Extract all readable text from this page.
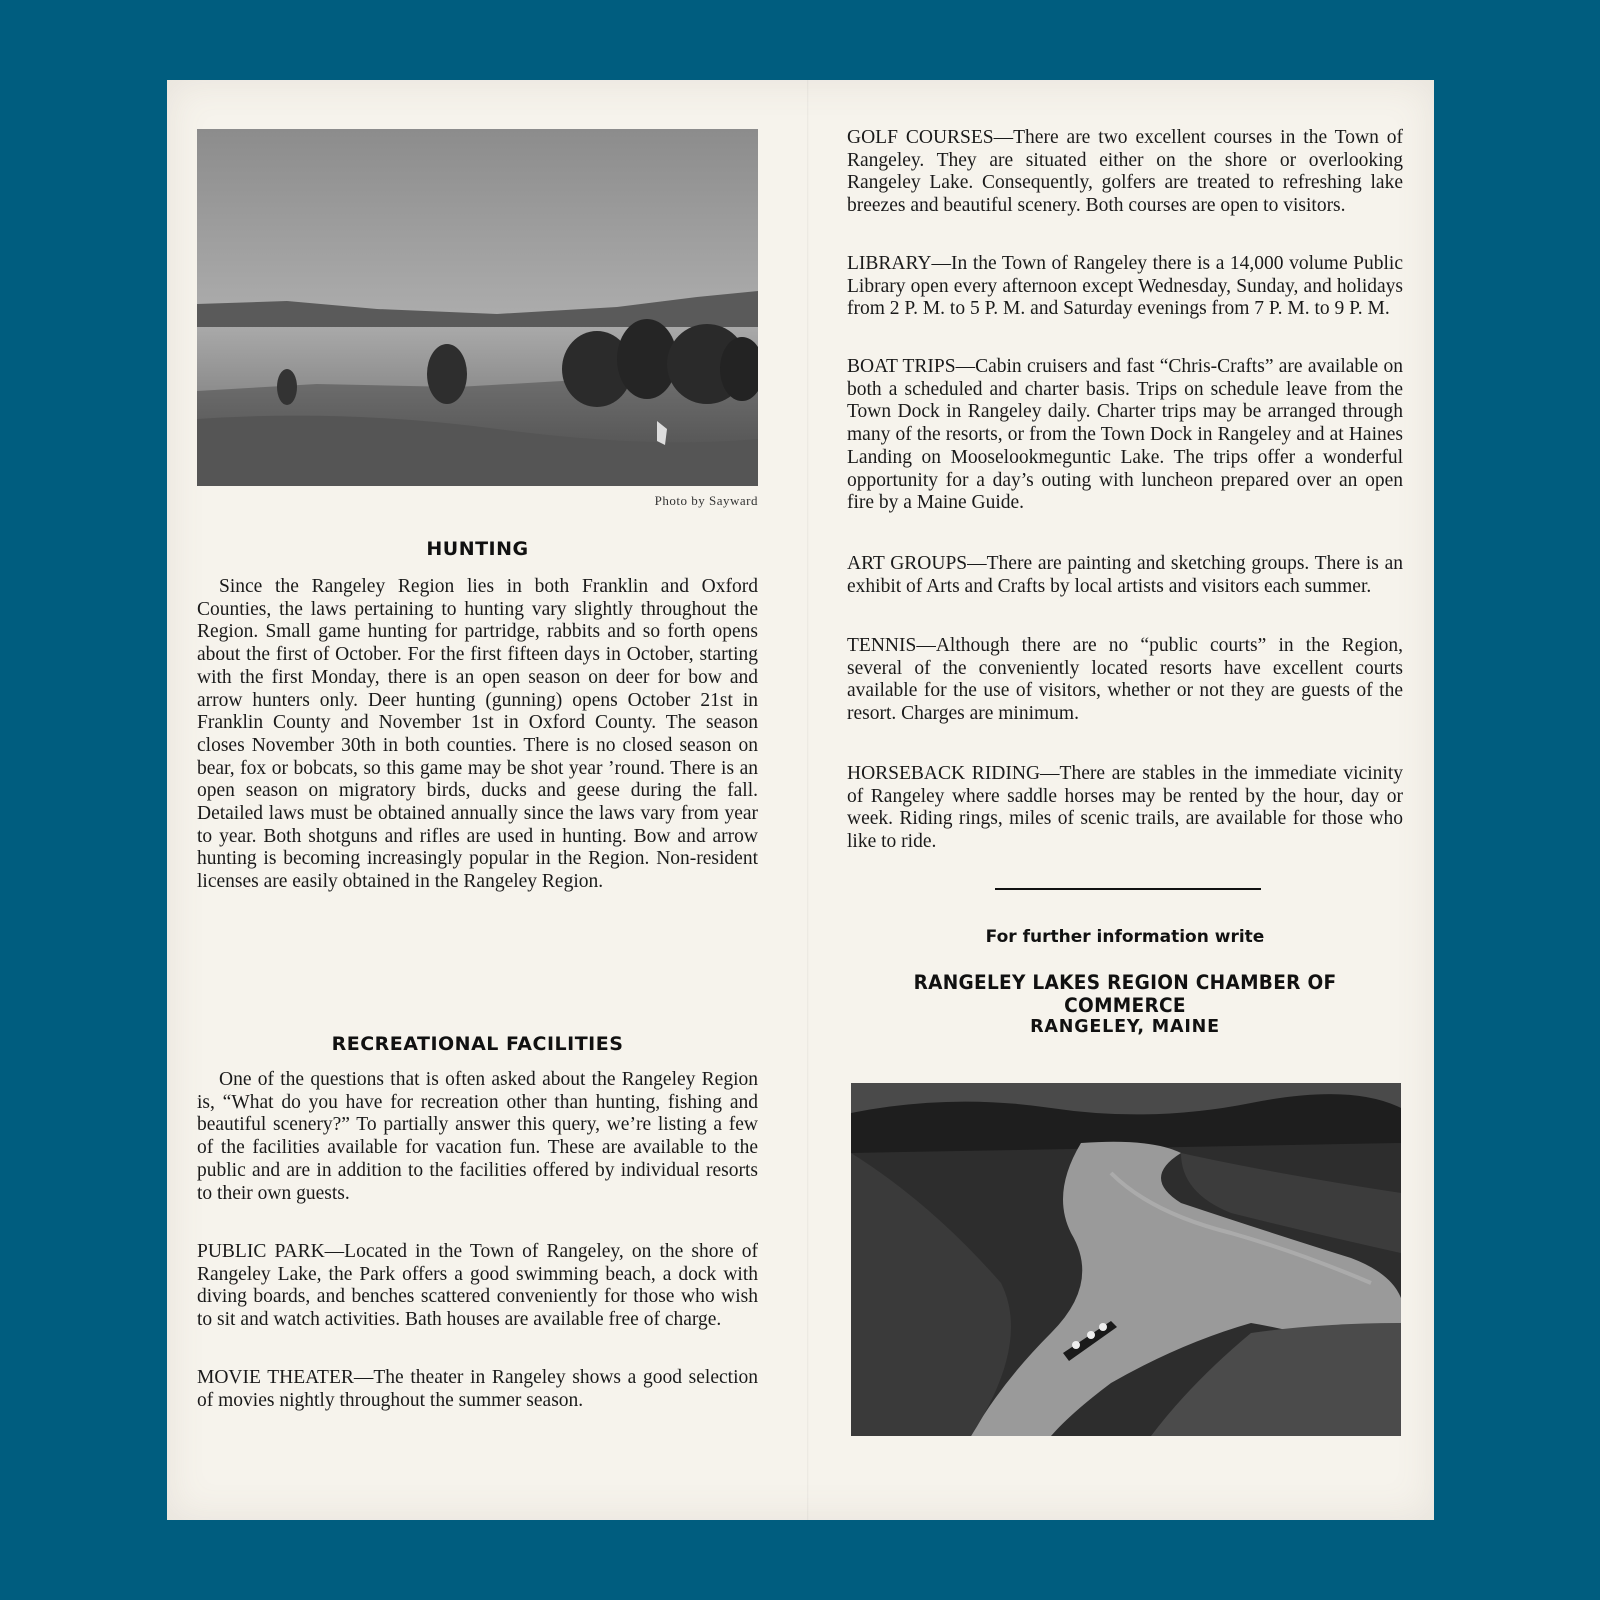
Photo by Sayward
HUNTING
Since the Rangeley Region lies in both Franklin and Oxford Counties, the laws pertaining to hunting vary slightly throughout the Region. Small game hunting for partridge, rabbits and so forth opens about the first of October. For the first fifteen days in October, starting with the first Monday, there is an open season on deer for bow and arrow hunters only. Deer hunting (gunning) opens October 21st in Franklin County and November 1st in Oxford County. The season closes November 30th in both counties. There is no closed season on bear, fox or bobcats, so this game may be shot year ’round. There is an open season on migratory birds, ducks and geese during the fall. Detailed laws must be obtained annually since the laws vary from year to year. Both shotguns and rifles are used in hunting. Bow and arrow hunting is becoming increasingly popular in the Region. Non-resident licenses are easily obtained in the Rangeley Region.
RECREATIONAL FACILITIES
One of the questions that is often asked about the Rangeley Region is, “What do you have for recreation other than hunting, fishing and beautiful scenery?” To partially answer this query, we’re listing a few of the facilities available for vacation fun. These are available to the public and are in addition to the facilities offered by individual resorts to their own guests.
PUBLIC PARK—Located in the Town of Rangeley, on the shore of Rangeley Lake, the Park offers a good swimming beach, a dock with diving boards, and benches scattered conveniently for those who wish to sit and watch activities. Bath houses are available free of charge.
MOVIE THEATER—The theater in Rangeley shows a good selection of movies nightly throughout the summer season.
GOLF COURSES—There are two excellent courses in the Town of Rangeley. They are situated either on the shore or overlooking Rangeley Lake. Consequently, golfers are treated to refreshing lake breezes and beautiful scenery. Both courses are open to visitors.
LIBRARY—In the Town of Rangeley there is a 14,000 volume Public Library open every afternoon except Wednesday, Sunday, and holidays from 2 P. M. to 5 P. M. and Saturday evenings from 7 P. M. to 9 P. M.
BOAT TRIPS—Cabin cruisers and fast “Chris-Crafts” are available on both a scheduled and charter basis. Trips on schedule leave from the Town Dock in Rangeley daily. Charter trips may be arranged through many of the resorts, or from the Town Dock in Rangeley and at Haines Landing on Mooselookmeguntic Lake. The trips offer a wonderful opportunity for a day’s outing with luncheon prepared over an open fire by a Maine Guide.
ART GROUPS—There are painting and sketching groups. There is an exhibit of Arts and Crafts by local artists and visitors each summer.
TENNIS—Although there are no “public courts” in the Region, several of the conveniently located resorts have excellent courts available for the use of visitors, whether or not they are guests of the resort. Charges are minimum.
HORSEBACK RIDING—There are stables in the immediate vicinity of Rangeley where saddle horses may be rented by the hour, day or week. Riding rings, miles of scenic trails, are available for those who like to ride.
For further information write
RANGELEY LAKES REGION CHAMBER OF COMMERCE
RANGELEY, MAINE
